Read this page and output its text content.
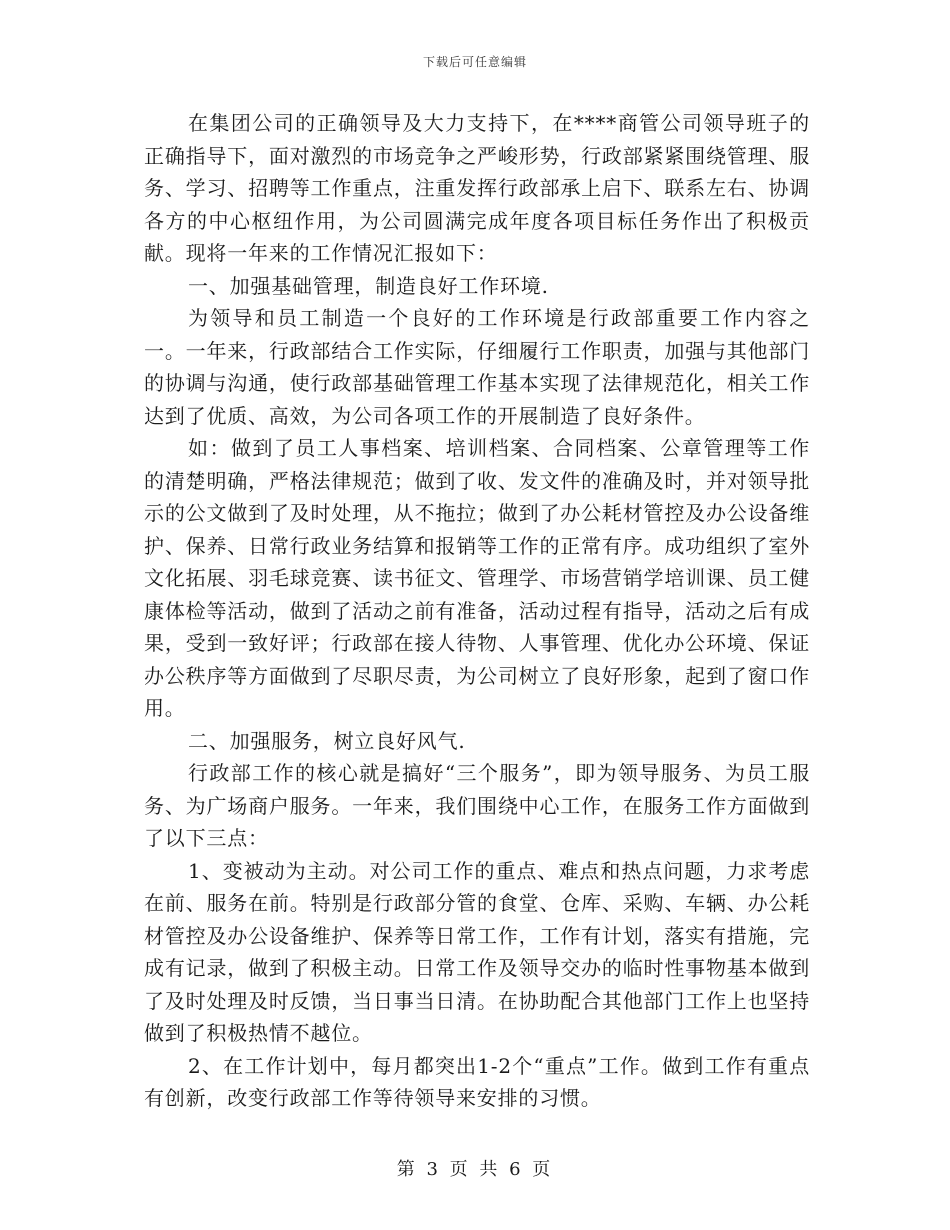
下载后可任意编辑

在集团公司的正确领导及大力支持下，在****商管公司领导班子的正确指导下，面对激烈的市场竞争之严峻形势，行政部紧紧围绕管理、服务、学习、招聘等工作重点，注重发挥行政部承上启下、联系左右、协调各方的中心枢纽作用，为公司圆满完成年度各项目标任务作出了积极贡献。现将一年来的工作情况汇报如下：

一、加强基础管理，制造良好工作环境.

为领导和员工制造一个良好的工作环境是行政部重要工作内容之一。一年来，行政部结合工作实际，仔细履行工作职责，加强与其他部门的协调与沟通，使行政部基础管理工作基本实现了法律规范化，相关工作达到了优质、高效，为公司各项工作的开展制造了良好条件。

如：做到了员工人事档案、培训档案、合同档案、公章管理等工作的清楚明确，严格法律规范；做到了收、发文件的准确及时，并对领导批示的公文做到了及时处理，从不拖拉；做到了办公耗材管控及办公设备维护、保养、日常行政业务结算和报销等工作的正常有序。成功组织了室外文化拓展、羽毛球竞赛、读书征文、管理学、市场营销学培训课、员工健康体检等活动，做到了活动之前有准备，活动过程有指导，活动之后有成果，受到一致好评；行政部在接人待物、人事管理、优化办公环境、保证办公秩序等方面做到了尽职尽责，为公司树立了良好形象，起到了窗口作用。

二、加强服务，树立良好风气.

行政部工作的核心就是搞好“三个服务”，即为领导服务、为员工服务、为广场商户服务。一年来，我们围绕中心工作，在服务工作方面做到了以下三点：

1、变被动为主动。对公司工作的重点、难点和热点问题，力求考虑在前、服务在前。特别是行政部分管的食堂、仓库、采购、车辆、办公耗材管控及办公设备维护、保养等日常工作，工作有计划，落实有措施，完成有记录，做到了积极主动。日常工作及领导交办的临时性事物基本做到了及时处理及时反馈，当日事当日清。在协助配合其他部门工作上也坚持做到了积极热情不越位。

2、在工作计划中，每月都突出1-2个“重点”工作。做到工作有重点有创新，改变行政部工作等待领导来安排的习惯。

第 3 页 共 6 页
